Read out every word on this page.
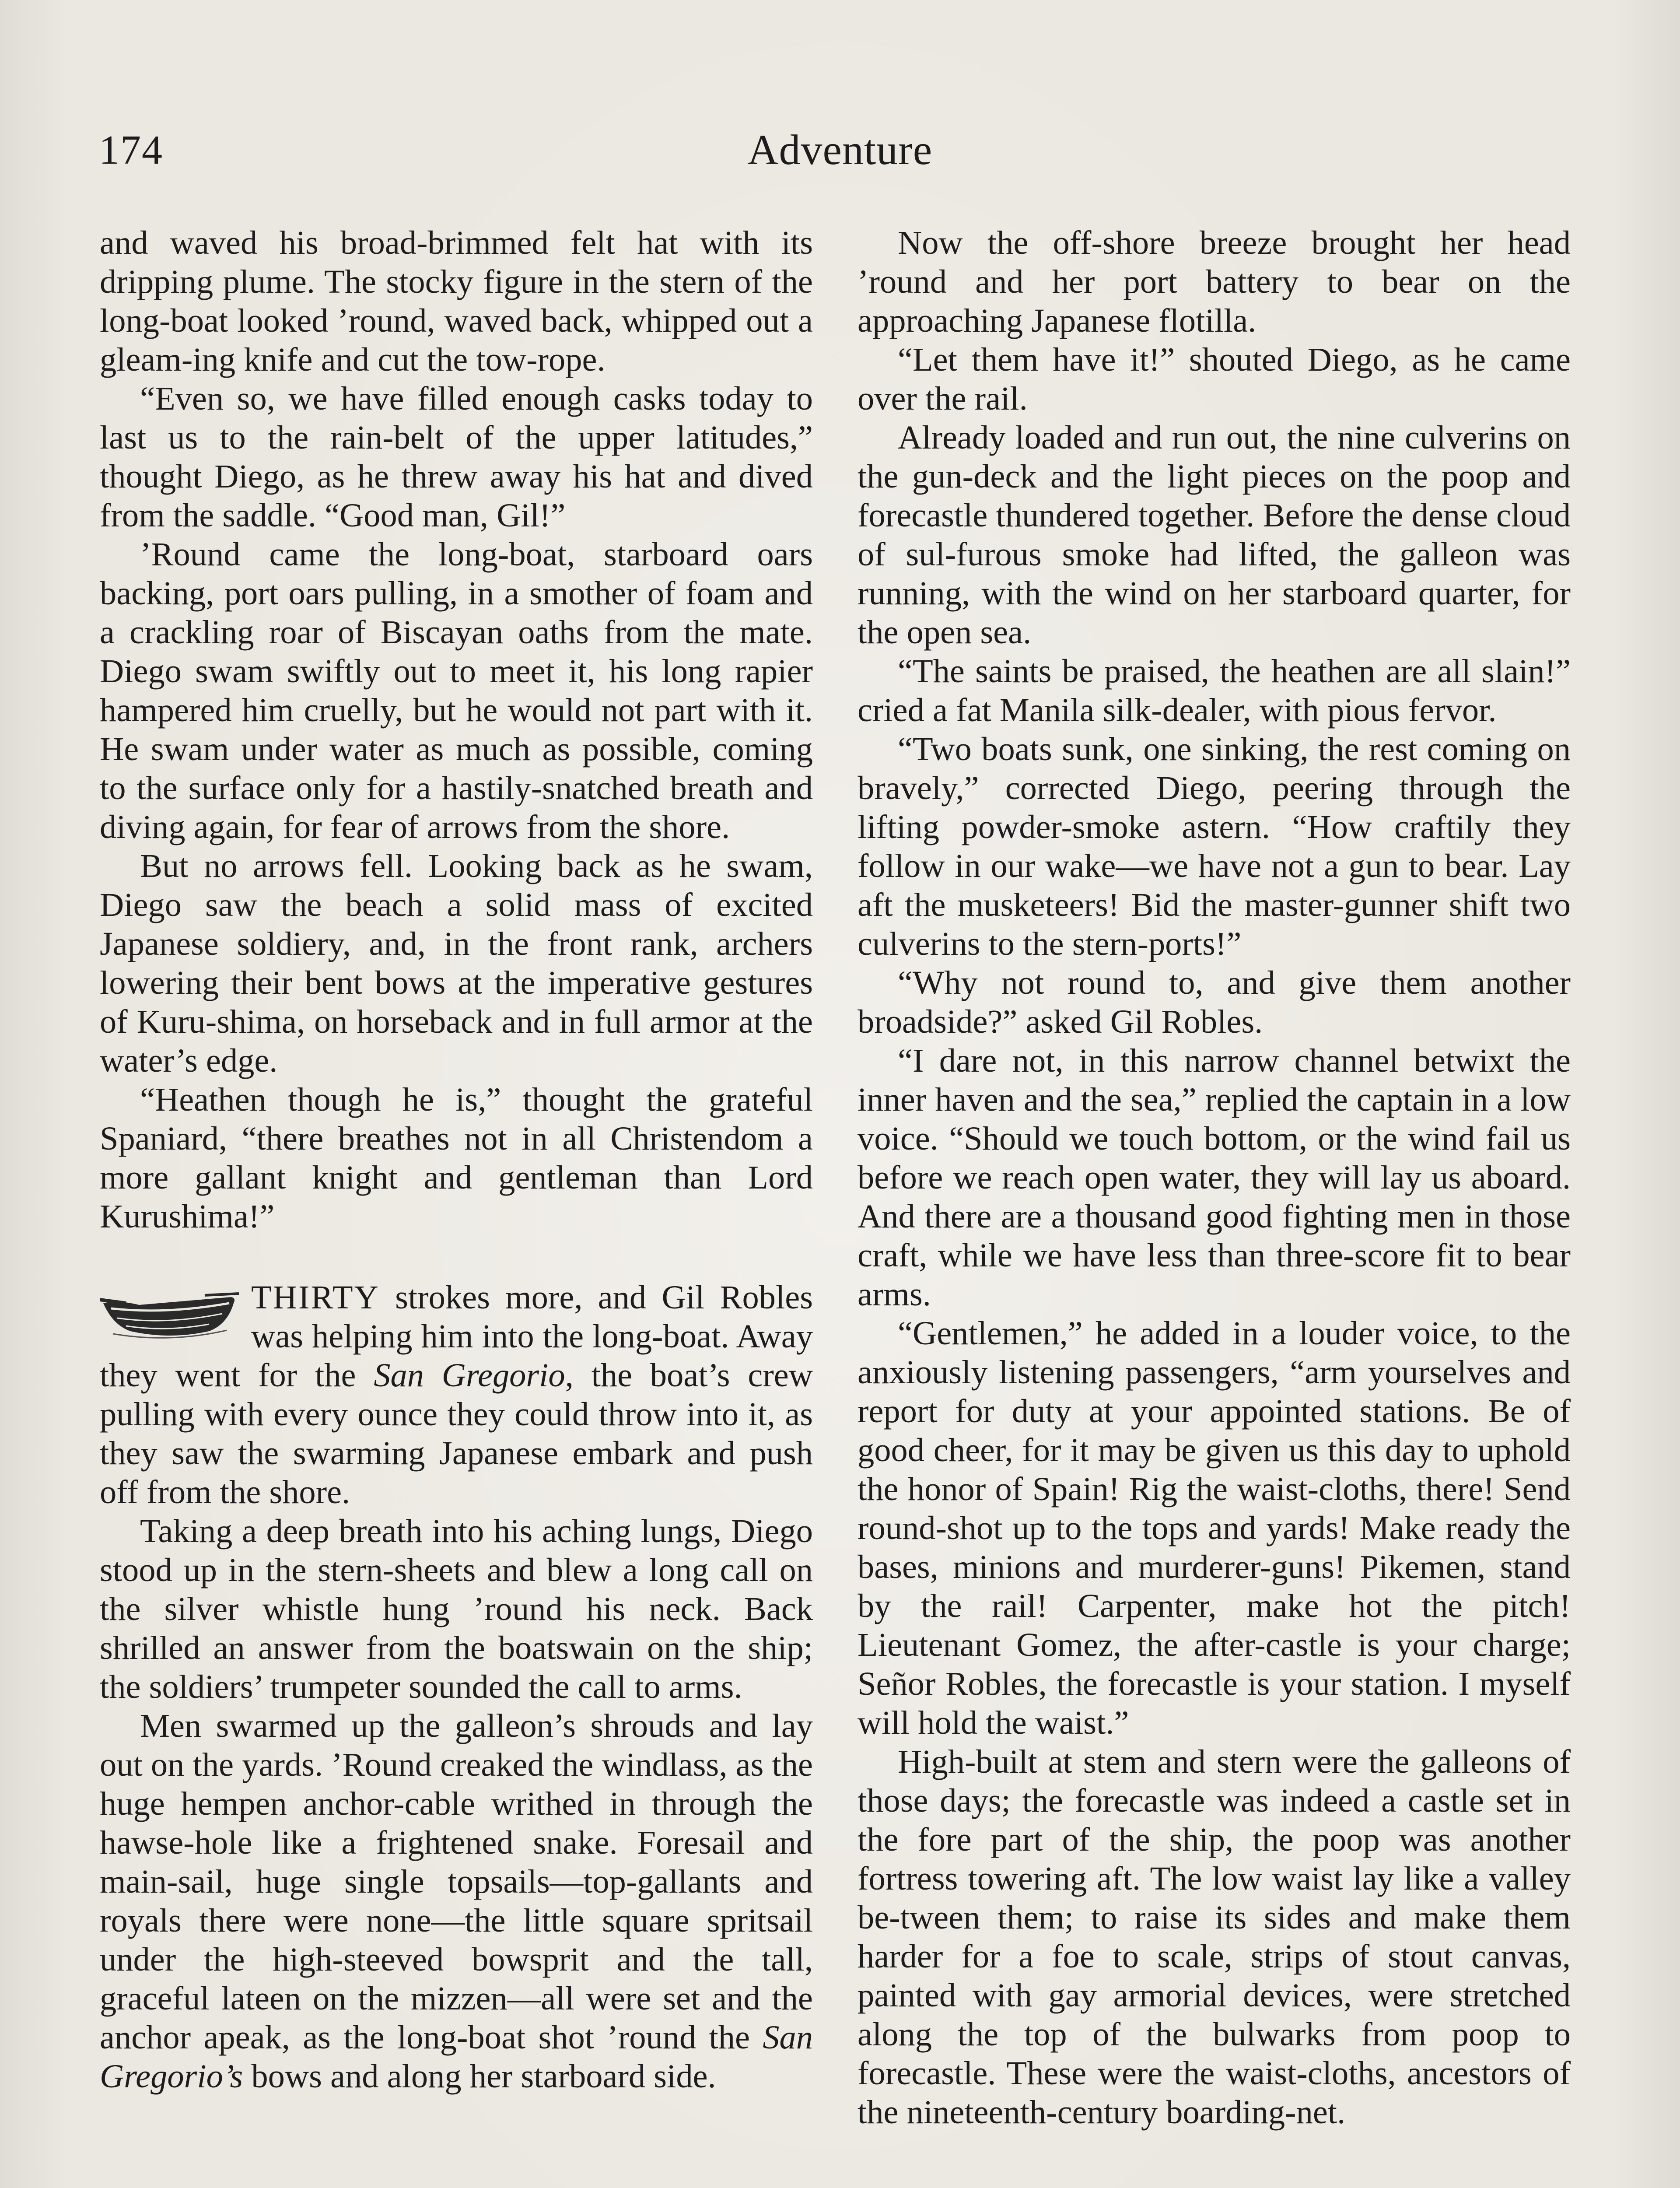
174	Adventure

and waved his broad-brimmed felt hat with its dripping plume. The stocky figure in the stern of the long-boat looked ’round, waved back, whipped out a gleam-ing knife and cut the tow-rope.

“Even so, we have filled enough casks today to last us to the rain-belt of the upper latitudes,” thought Diego, as he threw away his hat and dived from the saddle. “Good man, Gil!”

’Round came the long-boat, starboard oars backing, port oars pulling, in a smother of foam and a crackling roar of Biscayan oaths from the mate. Diego swam swiftly out to meet it, his long rapier hampered him cruelly, but he would not part with it. He swam under water as much as possible, coming to the surface only for a hastily-snatched breath and diving again, for fear of arrows from the shore.

But no arrows fell. Looking back as he swam, Diego saw the beach a solid mass of excited Japanese soldiery, and, in the front rank, archers lowering their bent bows at the imperative gestures of Kuru-shima, on horseback and in full armor at the water’s edge.

“Heathen though he is,” thought the grateful Spaniard, “there breathes not in all Christendom a more gallant knight and gentleman than Lord Kurushima!”

THIRTY strokes more, and Gil Robles was helping him into the long-boat. Away they went for the San Gregorio, the boat’s crew pulling with every ounce they could throw into it, as they saw the swarming Japanese embark and push off from the shore.

Taking a deep breath into his aching lungs, Diego stood up in the stern-sheets and blew a long call on the silver whistle hung ’round his neck. Back shrilled an answer from the boatswain on the ship; the soldiers’ trumpeter sounded the call to arms.

Men swarmed up the galleon’s shrouds and lay out on the yards. ’Round creaked the windlass, as the huge hempen anchor-cable writhed in through the hawse-hole like a frightened snake. Foresail and main-sail, huge single topsails—top-gallants and royals there were none—the little square spritsail under the high-steeved bowsprit and the tall, graceful lateen on the mizzen—all were set and the anchor apeak, as the long-boat shot ’round the San Gregorio’s bows and along her starboard side.

Now the off-shore breeze brought her head ’round and her port battery to bear on the approaching Japanese flotilla.

“Let them have it!” shouted Diego, as he came over the rail.

Already loaded and run out, the nine culverins on the gun-deck and the light pieces on the poop and forecastle thundered together. Before the dense cloud of sul-furous smoke had lifted, the galleon was running, with the wind on her starboard quarter, for the open sea.

“The saints be praised, the heathen are all slain!” cried a fat Manila silk-dealer, with pious fervor.

“Two boats sunk, one sinking, the rest coming on bravely,” corrected Diego, peering through the lifting powder-smoke astern. “How craftily they follow in our wake—we have not a gun to bear. Lay aft the musketeers! Bid the master-gunner shift two culverins to the stern-ports!”

“Why not round to, and give them another broadside?” asked Gil Robles.

“I dare not, in this narrow channel betwixt the inner haven and the sea,” replied the captain in a low voice. “Should we touch bottom, or the wind fail us before we reach open water, they will lay us aboard. And there are a thousand good fighting men in those craft, while we have less than three-score fit to bear arms.

“Gentlemen,” he added in a louder voice, to the anxiously listening passengers, “arm yourselves and report for duty at your appointed stations. Be of good cheer, for it may be given us this day to uphold the honor of Spain! Rig the waist-cloths, there! Send round-shot up to the tops and yards! Make ready the bases, minions and murderer-guns! Pikemen, stand by the rail! Carpenter, make hot the pitch! Lieutenant Gomez, the after-castle is your charge; Señor Robles, the forecastle is your station. I myself will hold the waist.”

High-built at stem and stern were the galleons of those days; the forecastle was indeed a castle set in the fore part of the ship, the poop was another fortress towering aft. The low waist lay like a valley be-tween them; to raise its sides and make them harder for a foe to scale, strips of stout canvas, painted with gay armorial devices, were stretched along the top of the bulwarks from poop to forecastle. These were the waist-cloths, ancestors of the nineteenth-century boarding-net.
